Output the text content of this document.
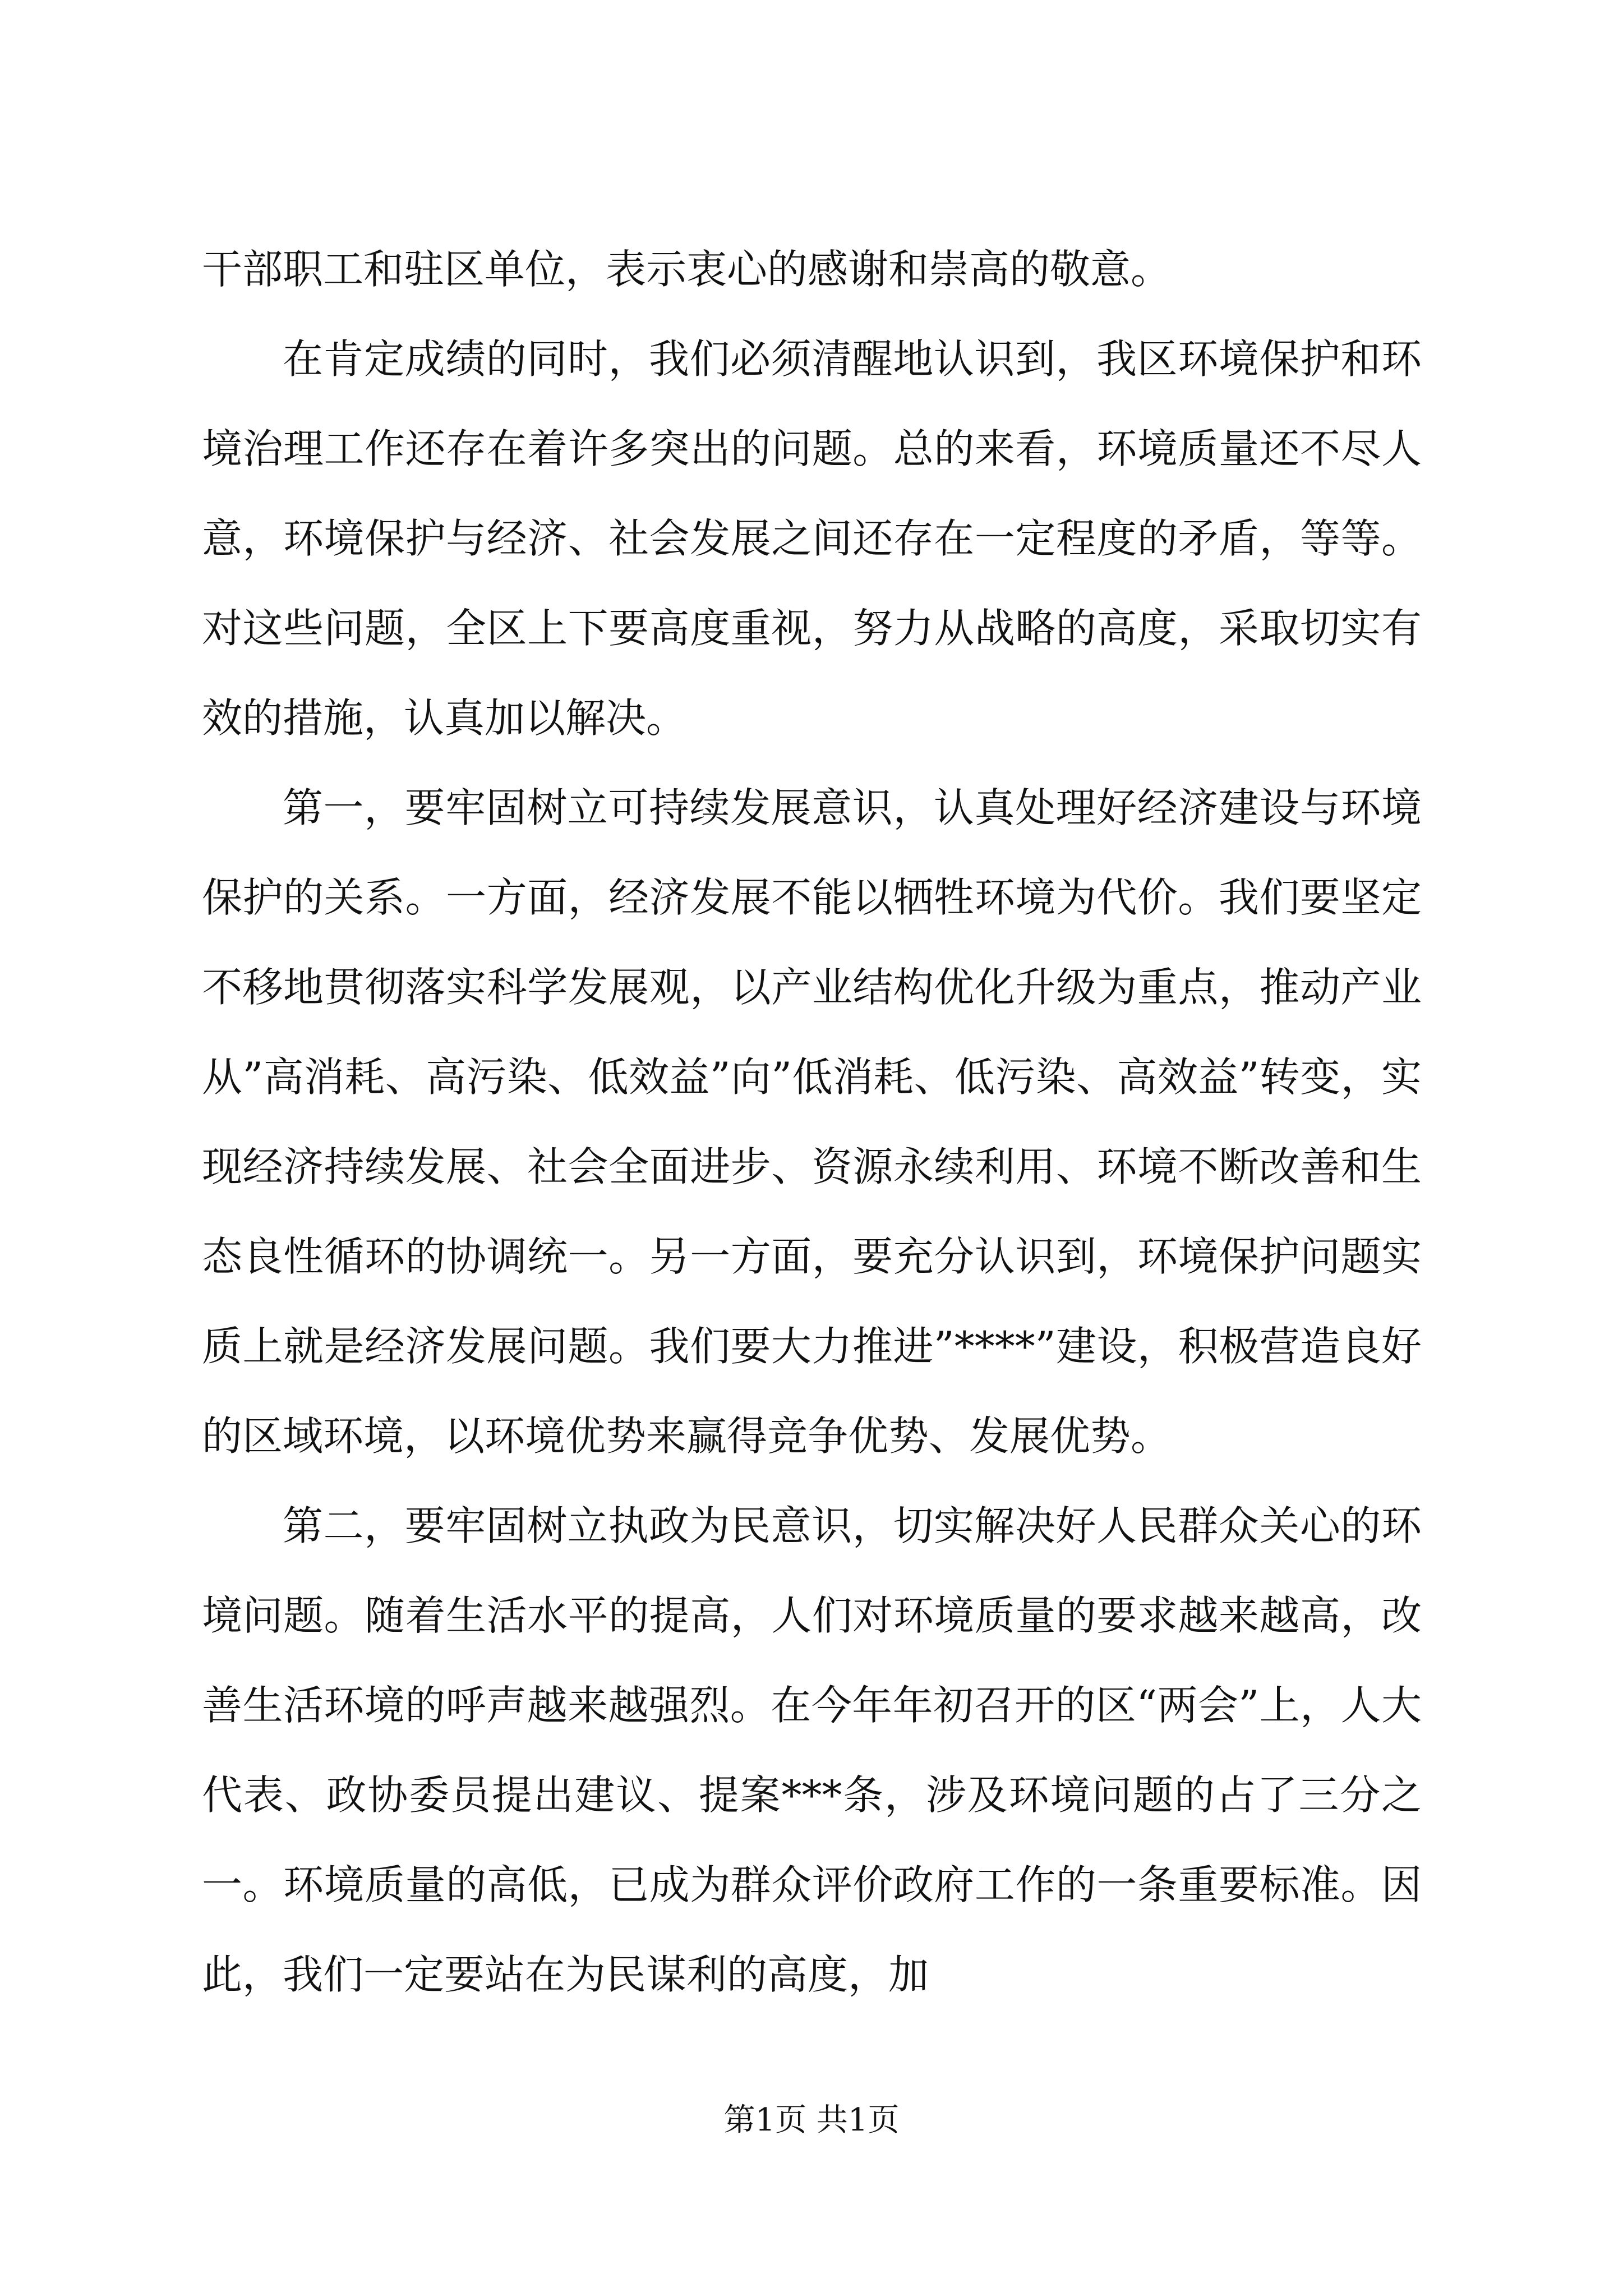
干部职工和驻区单位，表示衷心的感谢和崇高的敬意。

在肯定成绩的同时，我们必须清醒地认识到，我区环境保护和环境治理工作还存在着许多突出的问题。总的来看，环境质量还不尽人意，环境保护与经济、社会发展之间还存在一定程度的矛盾，等等。对这些问题，全区上下要高度重视，努力从战略的高度，采取切实有效的措施，认真加以解决。

第一，要牢固树立可持续发展意识，认真处理好经济建设与环境保护的关系。一方面，经济发展不能以牺牲环境为代价。我们要坚定不移地贯彻落实科学发展观，以产业结构优化升级为重点，推动产业从”高消耗、高污染、低效益”向”低消耗、低污染、高效益”转变，实现经济持续发展、社会全面进步、资源永续利用、环境不断改善和生态良性循环的协调统一。另一方面，要充分认识到，环境保护问题实质上就是经济发展问题。我们要大力推进”****”建设，积极营造良好的区域环境，以环境优势来赢得竞争优势、发展优势。

第二，要牢固树立执政为民意识，切实解决好人民群众关心的环境问题。随着生活水平的提高，人们对环境质量的要求越来越高，改善生活环境的呼声越来越强烈。在今年年初召开的区“两会”上，人大代表、政协委员提出建议、提案***条，涉及环境问题的占了三分之一。环境质量的高低，已成为群众评价政府工作的一条重要标准。因此，我们一定要站在为民谋利的高度，加

第1页 共1页
